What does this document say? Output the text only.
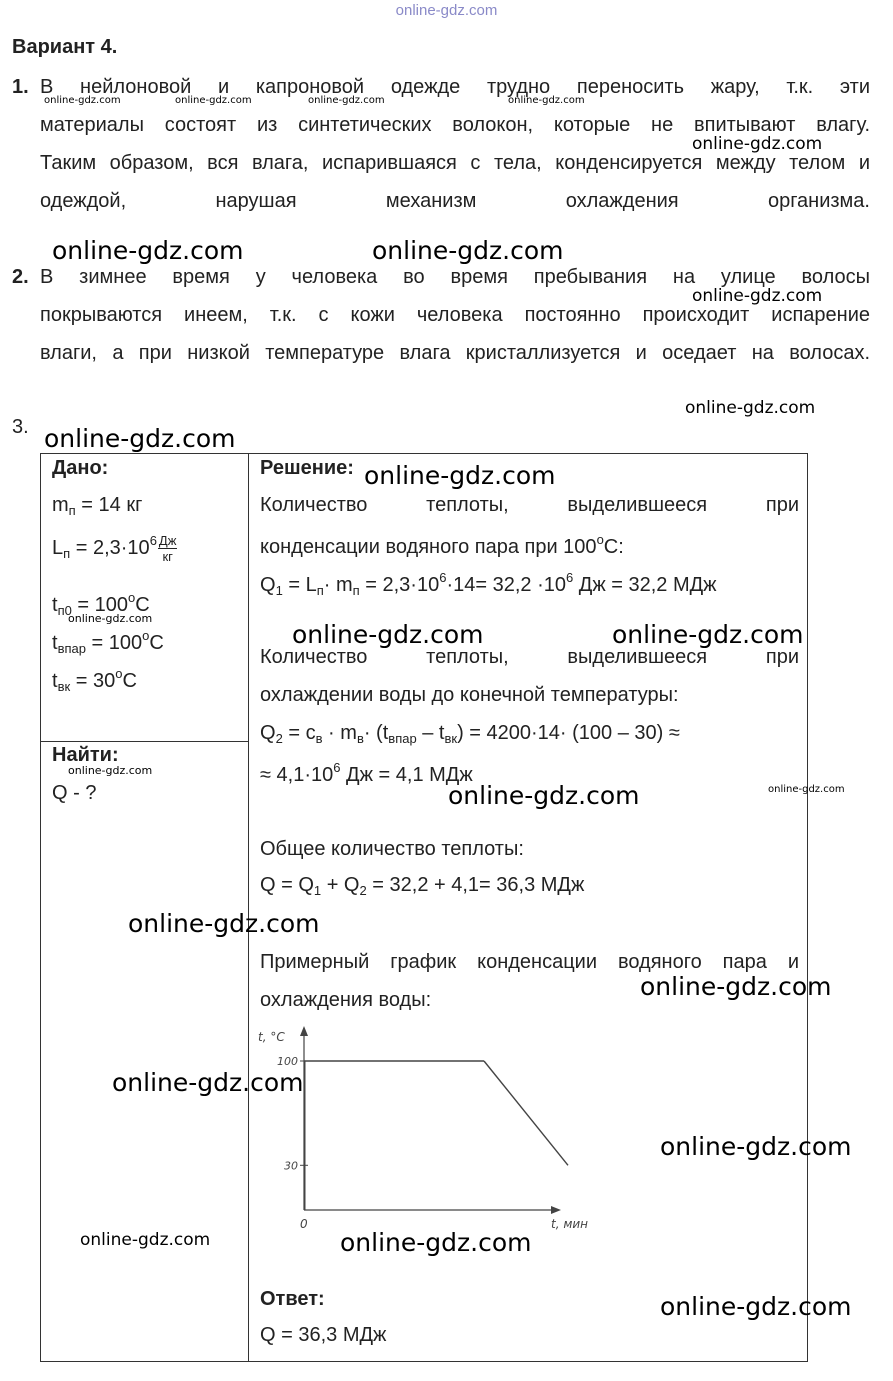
online-gdz.com
Вариант 4.
1. В нейлоновой и капроновой одежде трудно переносить жару, т.к. эти
материалы состоят из синтетических волокон, которые не впитывают влагу.
Таким образом, вся влага, испарившаяся с тела, конденсируется между телом и
одеждой, нарушая механизм охлаждения организма.
2. В зимнее время у человека во время пребывания на улице волосы
покрываются инеем, т.к. с кожи человека постоянно происходит испарение
влаги, а при низкой температуре влага кристаллизуется и оседает на волосах.
3.
Дано:
$m_п = 14$ кг
$L_п = 2,3\cdot 10^6 \frac{Дж}{кг}$
$t_{п0} = 100^oC$
$t_{впар} = 100^oC$
$t_{вк} = 30^oC$
Найти:
Q - ?
Решение:
Количество теплоты, выделившееся при
конденсации водяного пара при 100$^o$С:
$Q_1 = L_п\cdot m_п = 2,3\cdot 10^6\cdot 14= 32,2 \cdot 10^6$ Дж = 32,2 МДж
Количество теплоты, выделившееся при
охлаждении воды до конечной температуры:
$Q_2 = c_в \cdot m_в\cdot (t_{впар} - t_{вк}) = 4200\cdot 14\cdot (100 - 30)$ ≈
≈ $4,1\cdot 10^6$ Дж = 4,1 МДж
Общее количество теплоты:
$Q = Q_1 + Q_2 = 32,2 + 4,1= 36,3$ МДж
Примерный график конденсации водяного пара и
охлаждения воды:
t, °C
t, мин
0
100
30
Ответ:
Q = 36,3 МДж
online-gdz.com	online-gdz.com	online-gdz.com	online-gdz.com
online-gdz.com
online-gdz.com	online-gdz.com
online-gdz.com
online-gdz.com
online-gdz.com
online-gdz.com
online-gdz.com
online-gdz.com	online-gdz.com
online-gdz.com
online-gdz.com	online-gdz.com
online-gdz.com
online-gdz.com
online-gdz.com
online-gdz.com
online-gdz.com	online-gdz.com
online-gdz.com
